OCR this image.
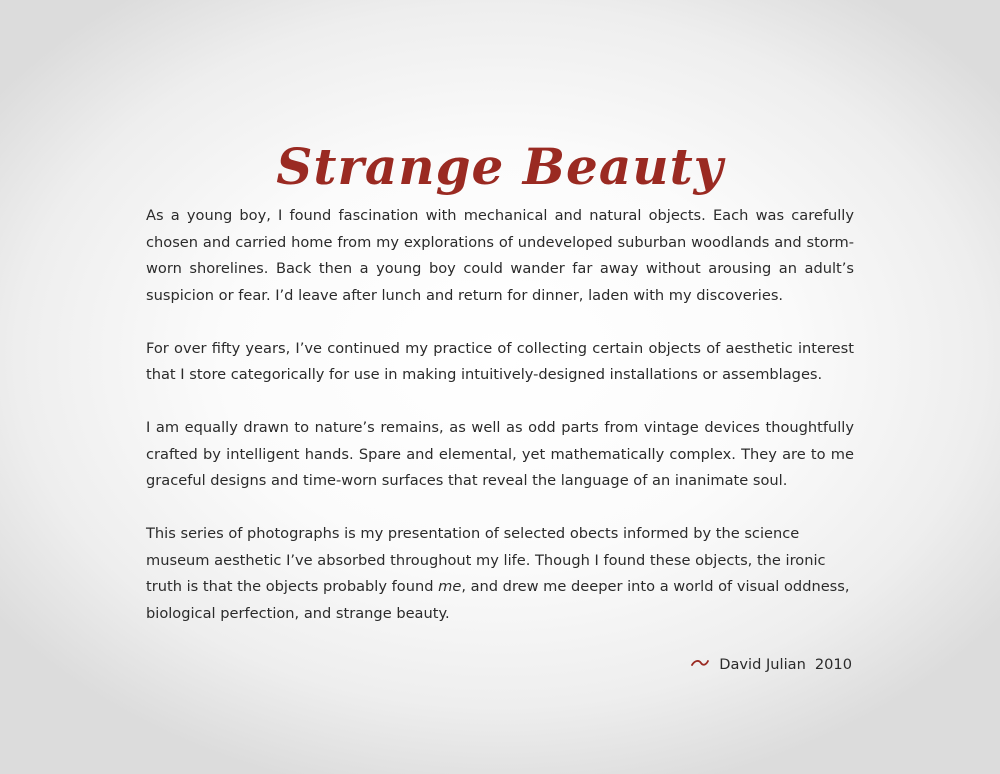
Strange Beauty

As a young boy, I found fascination with mechanical and natural objects. Each was carefully chosen and carried home from my explorations of undeveloped suburban woodlands and storm-worn shorelines. Back then a young boy could wander far away without arousing an adult’s suspicion or fear. I’d leave after lunch and return for dinner, laden with my discoveries.

For over fifty years, I’ve continued my practice of collecting certain objects of aesthetic interest that I store categorically for use in making intuitively-designed installations or assemblages.

I am equally drawn to nature’s remains, as well as odd parts from vintage devices thoughtfully crafted by intelligent hands. Spare and elemental, yet mathematically complex. They are to me graceful designs and time-worn surfaces that reveal the language of an inanimate soul.

This series of photographs is my presentation of selected obects informed by the science museum aesthetic I’ve absorbed throughout my life. Though I found these objects, the ironic truth is that the objects probably found me, and drew me deeper into a world of visual oddness, biological perfection, and strange beauty.

David Julian 2010
